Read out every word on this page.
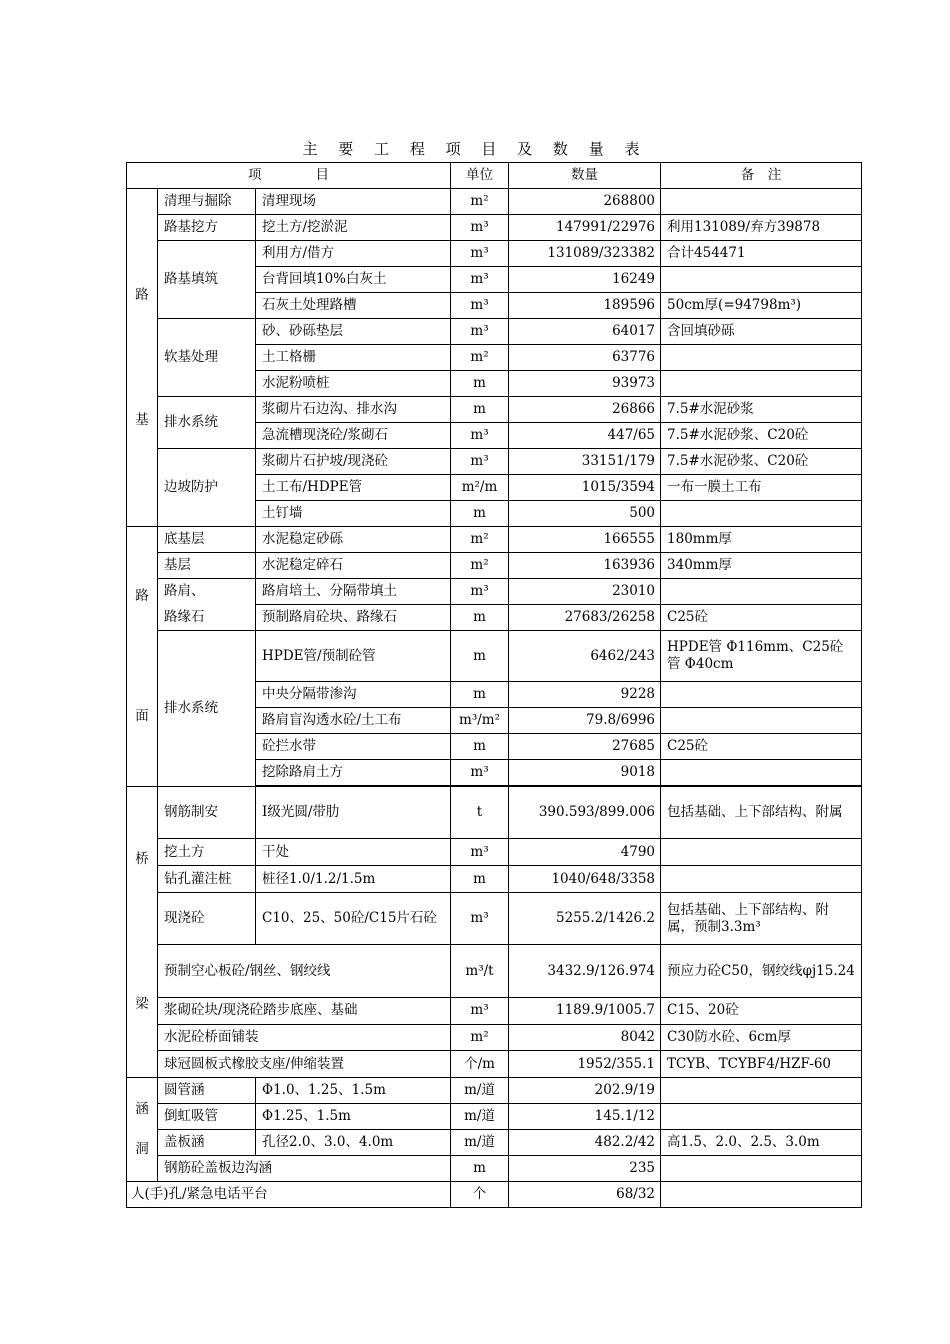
主 要 工 程 项 目 及 数 量 表
项　　　　目			单位	数量	备　注

路
基	清理与掘除	清理现场	m²	268800	
	路基挖方	挖土方/挖淤泥	m³	147991/22976	利用131089/弃方39878
	路基填筑	利用方/借方	m³	131089/323382	合计454471
		台背回填10%白灰土	m³	16249	
		石灰土处理路槽	m³	189596	50cm厚(=94798m³)
	软基处理	砂、砂砾垫层	m³	64017	含回填砂砾
		土工格栅	m²	63776	
		水泥粉喷桩	m	93973	
	排水系统	浆砌片石边沟、排水沟	m	26866	7.5#水泥砂浆
		急流槽现浇砼/浆砌石	m³	447/65	7.5#水泥砂浆、C20砼
	边坡防护	浆砌片石护坡/现浇砼	m³	33151/179	7.5#水泥砂浆、C20砼
		土工布/HDPE管	m²/m	1015/3594	一布一膜土工布
		土钉墙	m	500	

路
面	底基层	水泥稳定砂砾	m²	166555	180mm厚
	基层	水泥稳定碎石	m²	163936	340mm厚
	路肩、	路肩培土、分隔带填土	m³	23010	
	路缘石	预制路肩砼块、路缘石	m	27683/26258	C25砼
	排水系统	HPDE管/预制砼管	m	6462/243	HPDE管 Φ116mm、C25砼管 Φ40cm
		中央分隔带渗沟	m	9228	
		路肩盲沟透水砼/土工布	m³/m²	79.8/6996	
		砼拦水带	m	27685	C25砼
		挖除路肩土方	m³	9018	

桥
梁	钢筋制安	Ⅰ级光圆/带肋	t	390.593/899.006	包括基础、上下部结构、附属
	挖土方	干处	m³	4790	
	钻孔灌注桩	桩径1.0/1.2/1.5m	m	1040/648/3358	
	现浇砼	C10、25、50砼/C15片石砼	m³	5255.2/1426.2	包括基础、上下部结构、附属，预制3.3m³
	预制空心板砼/钢丝、钢绞线		m³/t	3432.9/126.974	预应力砼C50，钢绞线φj15.24
	浆砌砼块/现浇砼踏步底座、基础		m³	1189.9/1005.7	C15、20砼
	水泥砼桥面铺装		m²	8042	C30防水砼、6cm厚
	球冠圆板式橡胶支座/伸缩装置		个/m	1952/355.1	TCYB、TCYBF4/HZF-60

涵
洞	圆管涵	Φ1.0、1.25、1.5m	m/道	202.9/19	
	倒虹吸管	Φ1.25、1.5m	m/道	145.1/12	
	盖板涵	孔径2.0、3.0、4.0m	m/道	482.2/42	高1.5、2.0、2.5、3.0m
	钢筋砼盖板边沟涵		m	235	
人(手)孔/紧急电话平台			个	68/32	
